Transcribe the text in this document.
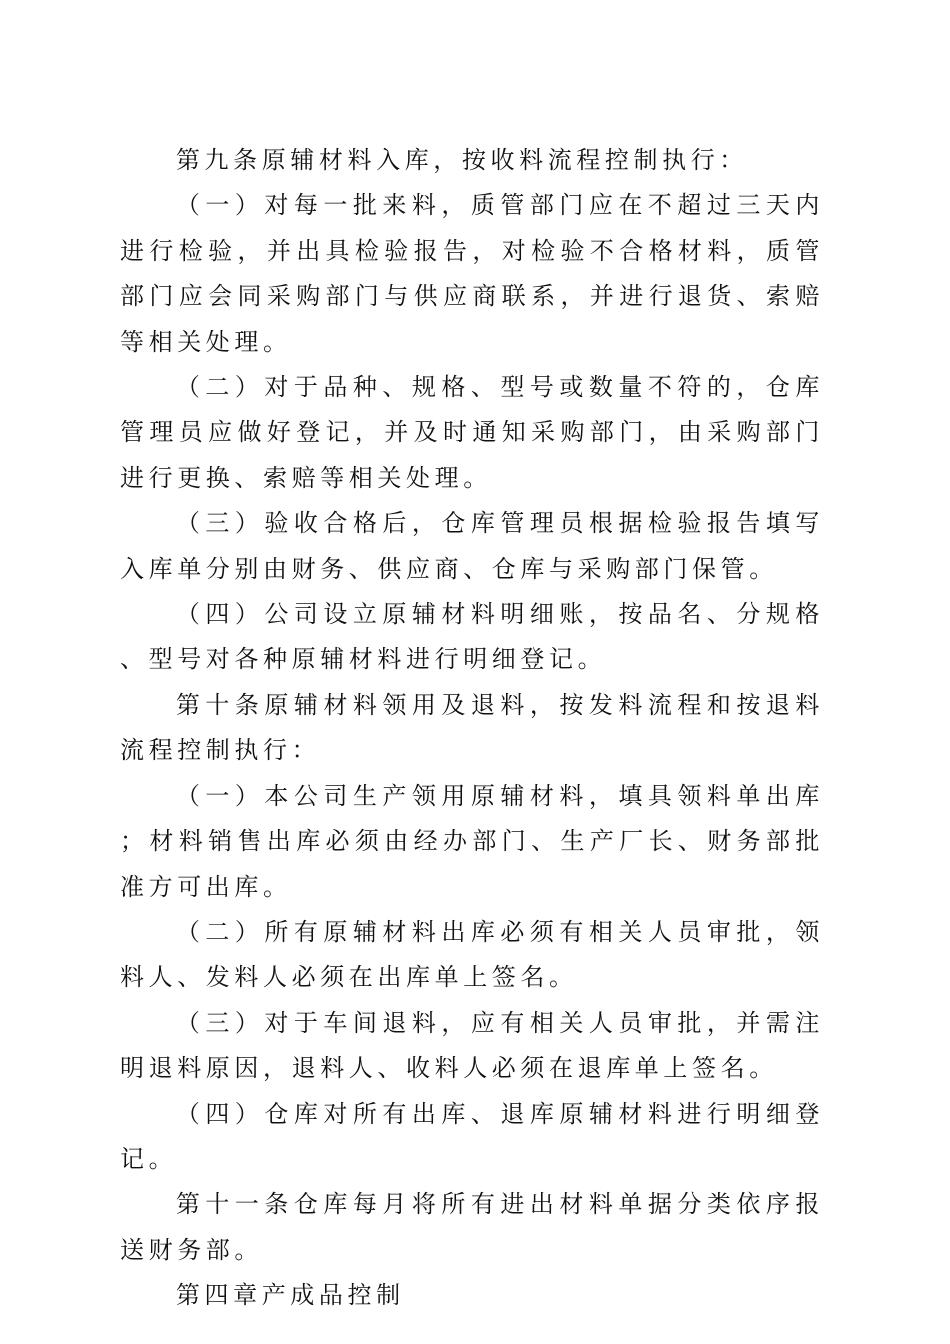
第九条原辅材料入库，按收料流程控制执行：

（一）对每一批来料，质管部门应在不超过三天内进行检验，并出具检验报告，对检验不合格材料，质管部门应会同采购部门与供应商联系，并进行退货、索赔等相关处理。

（二）对于品种、规格、型号或数量不符的，仓库管理员应做好登记，并及时通知采购部门，由采购部门进行更换、索赔等相关处理。

（三）验收合格后，仓库管理员根据检验报告填写入库单分别由财务、供应商、仓库与采购部门保管。

（四）公司设立原辅材料明细账，按品名、分规格、型号对各种原辅材料进行明细登记。

第十条原辅材料领用及退料，按发料流程和按退料流程控制执行：

（一）本公司生产领用原辅材料，填具领料单出库；材料销售出库必须由经办部门、生产厂长、财务部批准方可出库。

（二）所有原辅材料出库必须有相关人员审批，领料人、发料人必须在出库单上签名。

（三）对于车间退料，应有相关人员审批，并需注明退料原因，退料人、收料人必须在退库单上签名。

（四）仓库对所有出库、退库原辅材料进行明细登记。

第十一条仓库每月将所有进出材料单据分类依序报送财务部。

第四章产成品控制
